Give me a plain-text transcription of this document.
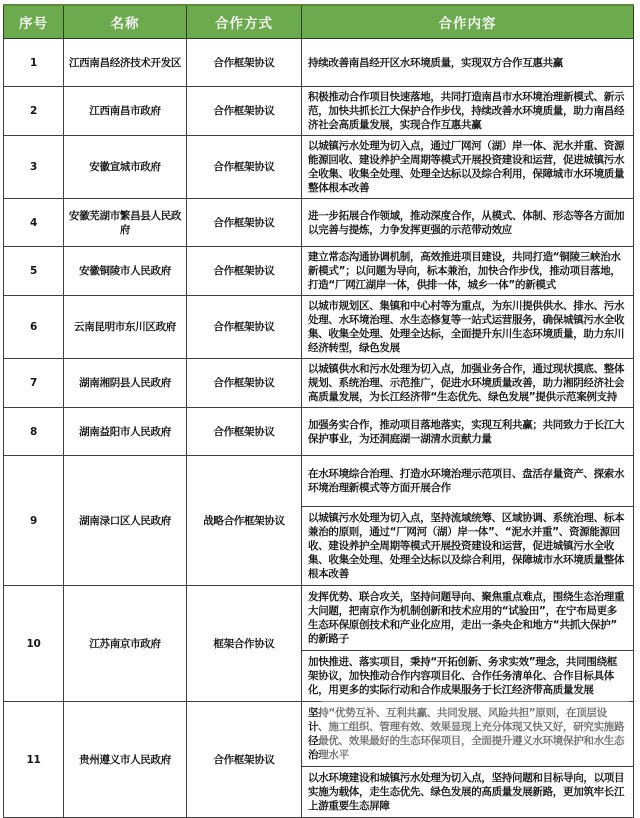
序号	名称	合作方式	合作内容
1	江西南昌经济技术开发区	合作框架协议	持续改善南昌经开区水环境质量，实现双方合作互惠共赢
2	江西南昌市政府	合作框架协议	积极推动合作项目快速落地，共同打造南昌市水环境治理新模式、新示范，加快共抓长江大保护合作步伐，持续改善水环境质量，助力南昌经济社会高质量发展，实现合作互惠共赢
3	安徽宣城市政府	合作框架协议	以城镇污水处理为切入点，通过厂网河（湖）岸一体、泥水并重、资源能源回收、建设养护全周期等模式开展投资建设和运营，促进城镇污水全收集、收集全处理、处理全达标以及综合利用，保障城市水环境质量整体根本改善
4	安徽芜湖市繁昌县人民政府	合作框架协议	进一步拓展合作领域，推动深度合作，从模式、体制、形态等各方面加以完善与提炼，力争发挥更强的示范带动效应
5	安徽铜陵市人民政府	合作框架协议	建立常态沟通协调机制，高效推进项目建设，共同打造“铜陵三峡治水新模式”；以问题为导向，标本兼治，加快合作步伐，推动项目落地，打造“厂网江湖岸一体，供排一体，城乡一体”的新模式
6	云南昆明市东川区政府	合作框架协议	以城市规划区、集镇和中心村等为重点，为东川提供供水、排水、污水处理、水环境治理、水生态修复等一站式运营服务，确保城镇污水全收集、收集全处理、处理全达标，全面提升东川生态环境质量，助力东川经济转型，绿色发展
7	湖南湘阴县人民政府	合作框架协议	以城镇供水和污水处理为切入点，加强业务合作，通过现状摸底、整体规划、系统治理、示范推广，促进水环境质量改善，助力湘阴经济社会高质量发展，为长江经济带“生态优先、绿色发展”提供示范案例支持
8	湖南益阳市人民政府	合作框架协议	加强务实合作，推动项目落地落实，实现互利共赢；共同致力于长江大保护事业，为还洞庭湖一湖清水贡献力量
9	湖南渌口区人民政府	战略合作框架协议	在水环境综合治理、打造水环境治理示范项目、盘活存量资产、探索水环境治理新模式等方面开展合作
以城镇污水处理为切入点，坚持流域统筹、区域协调、系统治理、标本兼治的原则，通过“厂网河（湖）岸一体”、“泥水并重”、资源能源回收、建设养护全周期等模式开展投资建设和运营，促进城镇污水全收集、收集全处理、处理全达标以及综合利用，保障城市水环境质量整体根本改善

10	江苏南京市政府	框架合作协议	发挥优势、联合攻关，坚持问题导向、聚焦重点难点，围绕生态治理重大问题，把南京作为机制创新和技术应用的“试验田”，在宁布局更多生态环保原创技术和产业化应用，走出一条央企和地方“共抓大保护”的新路子
加快推进、落实项目，秉持“开拓创新、务求实效”理念，共同围绕框架协议，加快推动合作内容项目化、合作任务清单化、合作目标具体化，用更多的实际行动和合作成果服务于长江经济带高质量发展

11	贵州遵义市人民政府	合作框架协议	坚持“优势互补、互利共赢、共同发展、风险共担”原则，在顶层设计、施工组织、管理有效、效果显现上充分体现又快又好，研究实施路径最优、效果最好的生态环保项目，全面提升遵义水环境保护和水生态治理水平
以水环境建设和城镇污水处理为切入点，坚持问题和目标导向，以项目实施为载体，走生态优先、绿色发展的高质量发展新路，更加筑牢长江上游重要生态屏障
